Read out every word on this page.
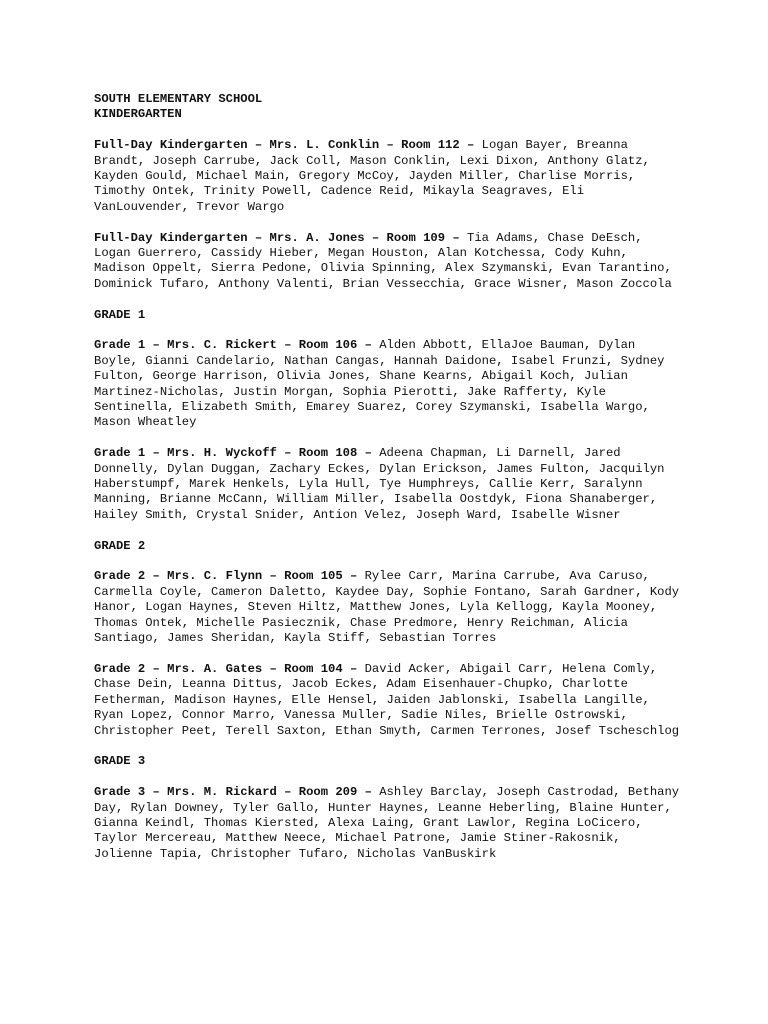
SOUTH ELEMENTARY SCHOOL
KINDERGARTEN
Full-Day Kindergarten – Mrs. L. Conklin – Room 112 – Logan Bayer, Breanna Brandt, Joseph Carrube, Jack Coll, Mason Conklin, Lexi Dixon, Anthony Glatz, Kayden Gould, Michael Main, Gregory McCoy, Jayden Miller, Charlise Morris, Timothy Ontek, Trinity Powell, Cadence Reid, Mikayla Seagraves, Eli VanLouvender, Trevor Wargo
Full-Day Kindergarten – Mrs. A. Jones – Room 109 – Tia Adams, Chase DeEsch, Logan Guerrero, Cassidy Hieber, Megan Houston, Alan Kotchessa, Cody Kuhn, Madison Oppelt, Sierra Pedone, Olivia Spinning, Alex Szymanski, Evan Tarantino, Dominick Tufaro, Anthony Valenti, Brian Vessecchia, Grace Wisner, Mason Zoccola
GRADE 1
Grade 1 – Mrs. C. Rickert – Room 106 – Alden Abbott, EllaJoe Bauman, Dylan Boyle, Gianni Candelario, Nathan Cangas, Hannah Daidone, Isabel Frunzi, Sydney Fulton, George Harrison, Olivia Jones, Shane Kearns, Abigail Koch, Julian Martinez-Nicholas, Justin Morgan, Sophia Pierotti, Jake Rafferty, Kyle Sentinella, Elizabeth Smith, Emarey Suarez, Corey Szymanski, Isabella Wargo, Mason Wheatley
Grade 1 – Mrs. H. Wyckoff – Room 108 – Adeena Chapman, Li Darnell, Jared Donnelly, Dylan Duggan, Zachary Eckes, Dylan Erickson, James Fulton, Jacquilyn Haberstumpf, Marek Henkels, Lyla Hull, Tye Humphreys, Callie Kerr, Saralynn Manning, Brianne McCann, William Miller, Isabella Oostdyk, Fiona Shanaberger, Hailey Smith, Crystal Snider, Antion Velez, Joseph Ward, Isabelle Wisner
GRADE 2
Grade 2 – Mrs. C. Flynn – Room 105 – Rylee Carr, Marina Carrube, Ava Caruso, Carmella Coyle, Cameron Daletto, Kaydee Day, Sophie Fontano, Sarah Gardner, Kody Hanor, Logan Haynes, Steven Hiltz, Matthew Jones, Lyla Kellogg, Kayla Mooney, Thomas Ontek, Michelle Pasiecznik, Chase Predmore, Henry Reichman, Alicia Santiago, James Sheridan, Kayla Stiff, Sebastian Torres
Grade 2 – Mrs. A. Gates – Room 104 – David Acker, Abigail Carr, Helena Comly, Chase Dein, Leanna Dittus, Jacob Eckes, Adam Eisenhauer-Chupko, Charlotte Fetherman, Madison Haynes, Elle Hensel, Jaiden Jablonski, Isabella Langille, Ryan Lopez, Connor Marro, Vanessa Muller, Sadie Niles, Brielle Ostrowski, Christopher Peet, Terell Saxton, Ethan Smyth, Carmen Terrones, Josef Tscheschlog
GRADE 3
Grade 3 – Mrs. M. Rickard – Room 209 – Ashley Barclay, Joseph Castrodad, Bethany Day, Rylan Downey, Tyler Gallo, Hunter Haynes, Leanne Heberling, Blaine Hunter, Gianna Keindl, Thomas Kiersted, Alexa Laing, Grant Lawlor, Regina LoCicero, Taylor Mercereau, Matthew Neece, Michael Patrone, Jamie Stiner-Rakosnik, Jolienne Tapia, Christopher Tufaro, Nicholas VanBuskirk
